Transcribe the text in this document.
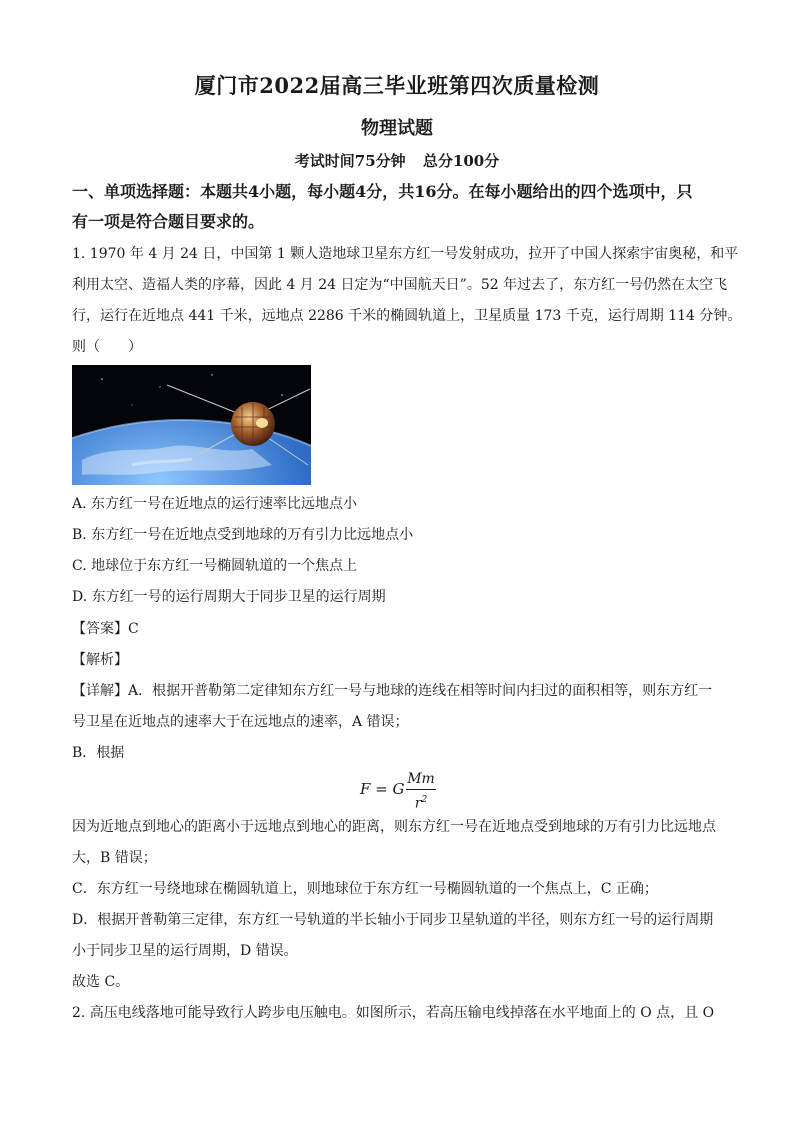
厦门市2022届高三毕业班第四次质量检测
物理试题
考试时间75分钟 总分100分
一、单项选择题：本题共4小题，每小题4分，共16分。在每小题给出的四个选项中，只
有一项是符合题目要求的。
1. 1970 年 4 月 24 日，中国第 1 颗人造地球卫星东方红一号发射成功，拉开了中国人探索宇宙奥秘，和平
利用太空、造福人类的序幕，因此 4 月 24 日定为“中国航天日”。52 年过去了，东方红一号仍然在太空飞
行，运行在近地点 441 千米，远地点 2286 千米的椭圆轨道上，卫星质量 173 千克，运行周期 114 分钟。
则（　　）
A. 东方红一号在近地点的运行速率比远地点小
B. 东方红一号在近地点受到地球的万有引力比远地点小
C. 地球位于东方红一号椭圆轨道的一个焦点上
D. 东方红一号的运行周期大于同步卫星的运行周期
【答案】C
【解析】
【详解】A．根据开普勒第二定律知东方红一号与地球的连线在相等时间内扫过的面积相等，则东方红一
号卫星在近地点的速率大于在远地点的速率，A 错误；
B．根据
F = G
Mm
$r^2$
因为近地点到地心的距离小于远地点到地心的距离，则东方红一号在近地点受到地球的万有引力比远地点
大，B 错误；
C．东方红一号绕地球在椭圆轨道上，则地球位于东方红一号椭圆轨道的一个焦点上，C 正确；
D．根据开普勒第三定律，东方红一号轨道的半长轴小于同步卫星轨道的半径，则东方红一号的运行周期
小于同步卫星的运行周期，D 错误。
故选 C。
2. 高压电线落地可能导致行人跨步电压触电。如图所示，若高压输电线掉落在水平地面上的 O 点，且 O
